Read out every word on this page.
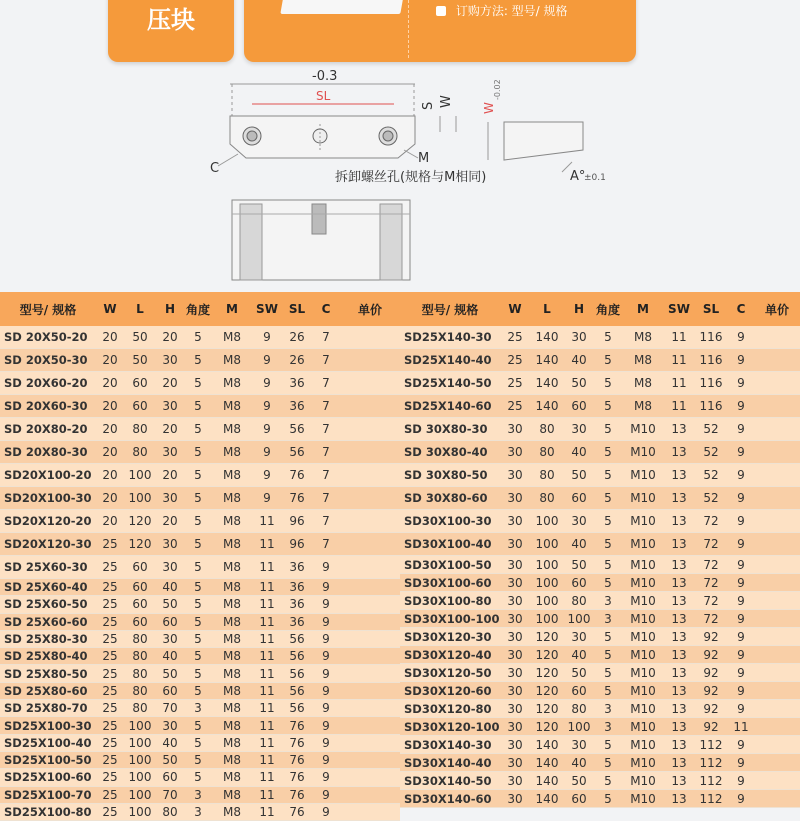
压块	订购方法: 型号/ 规格
-0.3
SL
C
M
S W
W
-0.02
A°
±0.1
拆卸螺丝孔(规格与M相同)
型号/ 规格	W	L	H	角度	M	SW	SL	C	单价
SD 20X50-20	20	50	20	5	M8	9	26	7	
SD 20X50-30	20	50	30	5	M8	9	26	7	
SD 20X60-20	20	60	20	5	M8	9	36	7	
SD 20X60-30	20	60	30	5	M8	9	36	7	
SD 20X80-20	20	80	20	5	M8	9	56	7	
SD 20X80-30	20	80	30	5	M8	9	56	7	
SD20X100-20	20	100	20	5	M8	9	76	7	
SD20X100-30	20	100	30	5	M8	9	76	7	
SD20X120-20	20	120	20	5	M8	11	96	7	
SD20X120-30	25	120	30	5	M8	11	96	7	
SD 25X60-30	25	60	30	5	M8	11	36	9	
SD 25X60-40	25	60	40	5	M8	11	36	9	
SD 25X60-50	25	60	50	5	M8	11	36	9	
SD 25X60-60	25	60	60	5	M8	11	36	9	
SD 25X80-30	25	80	30	5	M8	11	56	9	
SD 25X80-40	25	80	40	5	M8	11	56	9	
SD 25X80-50	25	80	50	5	M8	11	56	9	
SD 25X80-60	25	80	60	5	M8	11	56	9	
SD 25X80-70	25	80	70	3	M8	11	56	9	
SD25X100-30	25	100	30	5	M8	11	76	9	
SD25X100-40	25	100	40	5	M8	11	76	9	
SD25X100-50	25	100	50	5	M8	11	76	9	
SD25X100-60	25	100	60	5	M8	11	76	9	
SD25X100-70	25	100	70	3	M8	11	76	9	
SD25X100-80	25	100	80	3	M8	11	76	9	
型号/ 规格	W	L	H	角度	M	SW	SL	C	单价
SD25X140-30	25	140	30	5	M8	11	116	9	
SD25X140-40	25	140	40	5	M8	11	116	9	
SD25X140-50	25	140	50	5	M8	11	116	9	
SD25X140-60	25	140	60	5	M8	11	116	9	
SD 30X80-30	30	80	30	5	M10	13	52	9	
SD 30X80-40	30	80	40	5	M10	13	52	9	
SD 30X80-50	30	80	50	5	M10	13	52	9	
SD 30X80-60	30	80	60	5	M10	13	52	9	
SD30X100-30	30	100	30	5	M10	13	72	9	
SD30X100-40	30	100	40	5	M10	13	72	9	
SD30X100-50	30	100	50	5	M10	13	72	9	
SD30X100-60	30	100	60	5	M10	13	72	9	
SD30X100-80	30	100	80	3	M10	13	72	9	
SD30X100-100	30	100	100	3	M10	13	72	9	
SD30X120-30	30	120	30	5	M10	13	92	9	
SD30X120-40	30	120	40	5	M10	13	92	9	
SD30X120-50	30	120	50	5	M10	13	92	9	
SD30X120-60	30	120	60	5	M10	13	92	9	
SD30X120-80	30	120	80	3	M10	13	92	9	
SD30X120-100	30	120	100	3	M10	13	92	11	
SD30X140-30	30	140	30	5	M10	13	112	9	
SD30X140-40	30	140	40	5	M10	13	112	9	
SD30X140-50	30	140	50	5	M10	13	112	9	
SD30X140-60	30	140	60	5	M10	13	112	9	
